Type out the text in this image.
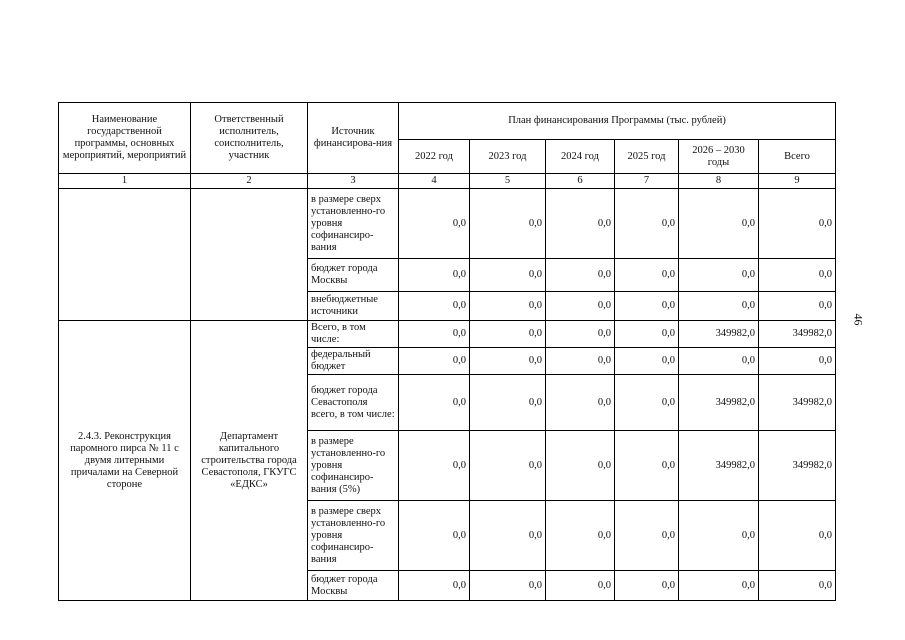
46
Наименование государственной программы, основных мероприятий, мероприятий	Ответственный исполнитель, соисполнитель, участник	Источник финансирова-ния	План финансирования Программы (тыс. рублей)					
			2022 год	2023 год	2024 год	2025 год	2026 – 2030 годы	Всего
1	2	3	4	5	6	7	8	9
		в размере сверх установленно-го уровня софинансиро-вания	0,0	0,0	0,0	0,0	0,0	0,0
		бюджет города Москвы	0,0	0,0	0,0	0,0	0,0	0,0
		внебюджетные источники	0,0	0,0	0,0	0,0	0,0	0,0
2.4.3. Реконструкция паромного пирса № 11 с двумя литерными причалами на Северной стороне	Департамент капитального строительства города Севастополя, ГКУГС «ЕДКС»	Всего, в том числе:	0,0	0,0	0,0	0,0	349982,0	349982,0
		федеральный бюджет	0,0	0,0	0,0	0,0	0,0	0,0
		бюджет города Севастополя всего, в том числе:	0,0	0,0	0,0	0,0	349982,0	349982,0
		в размере установленно-го уровня софинансиро-вания (5%)	0,0	0,0	0,0	0,0	349982,0	349982,0
		в размере сверх установленно-го уровня софинансиро-вания	0,0	0,0	0,0	0,0	0,0	0,0
		бюджет города Москвы	0,0	0,0	0,0	0,0	0,0	0,0
